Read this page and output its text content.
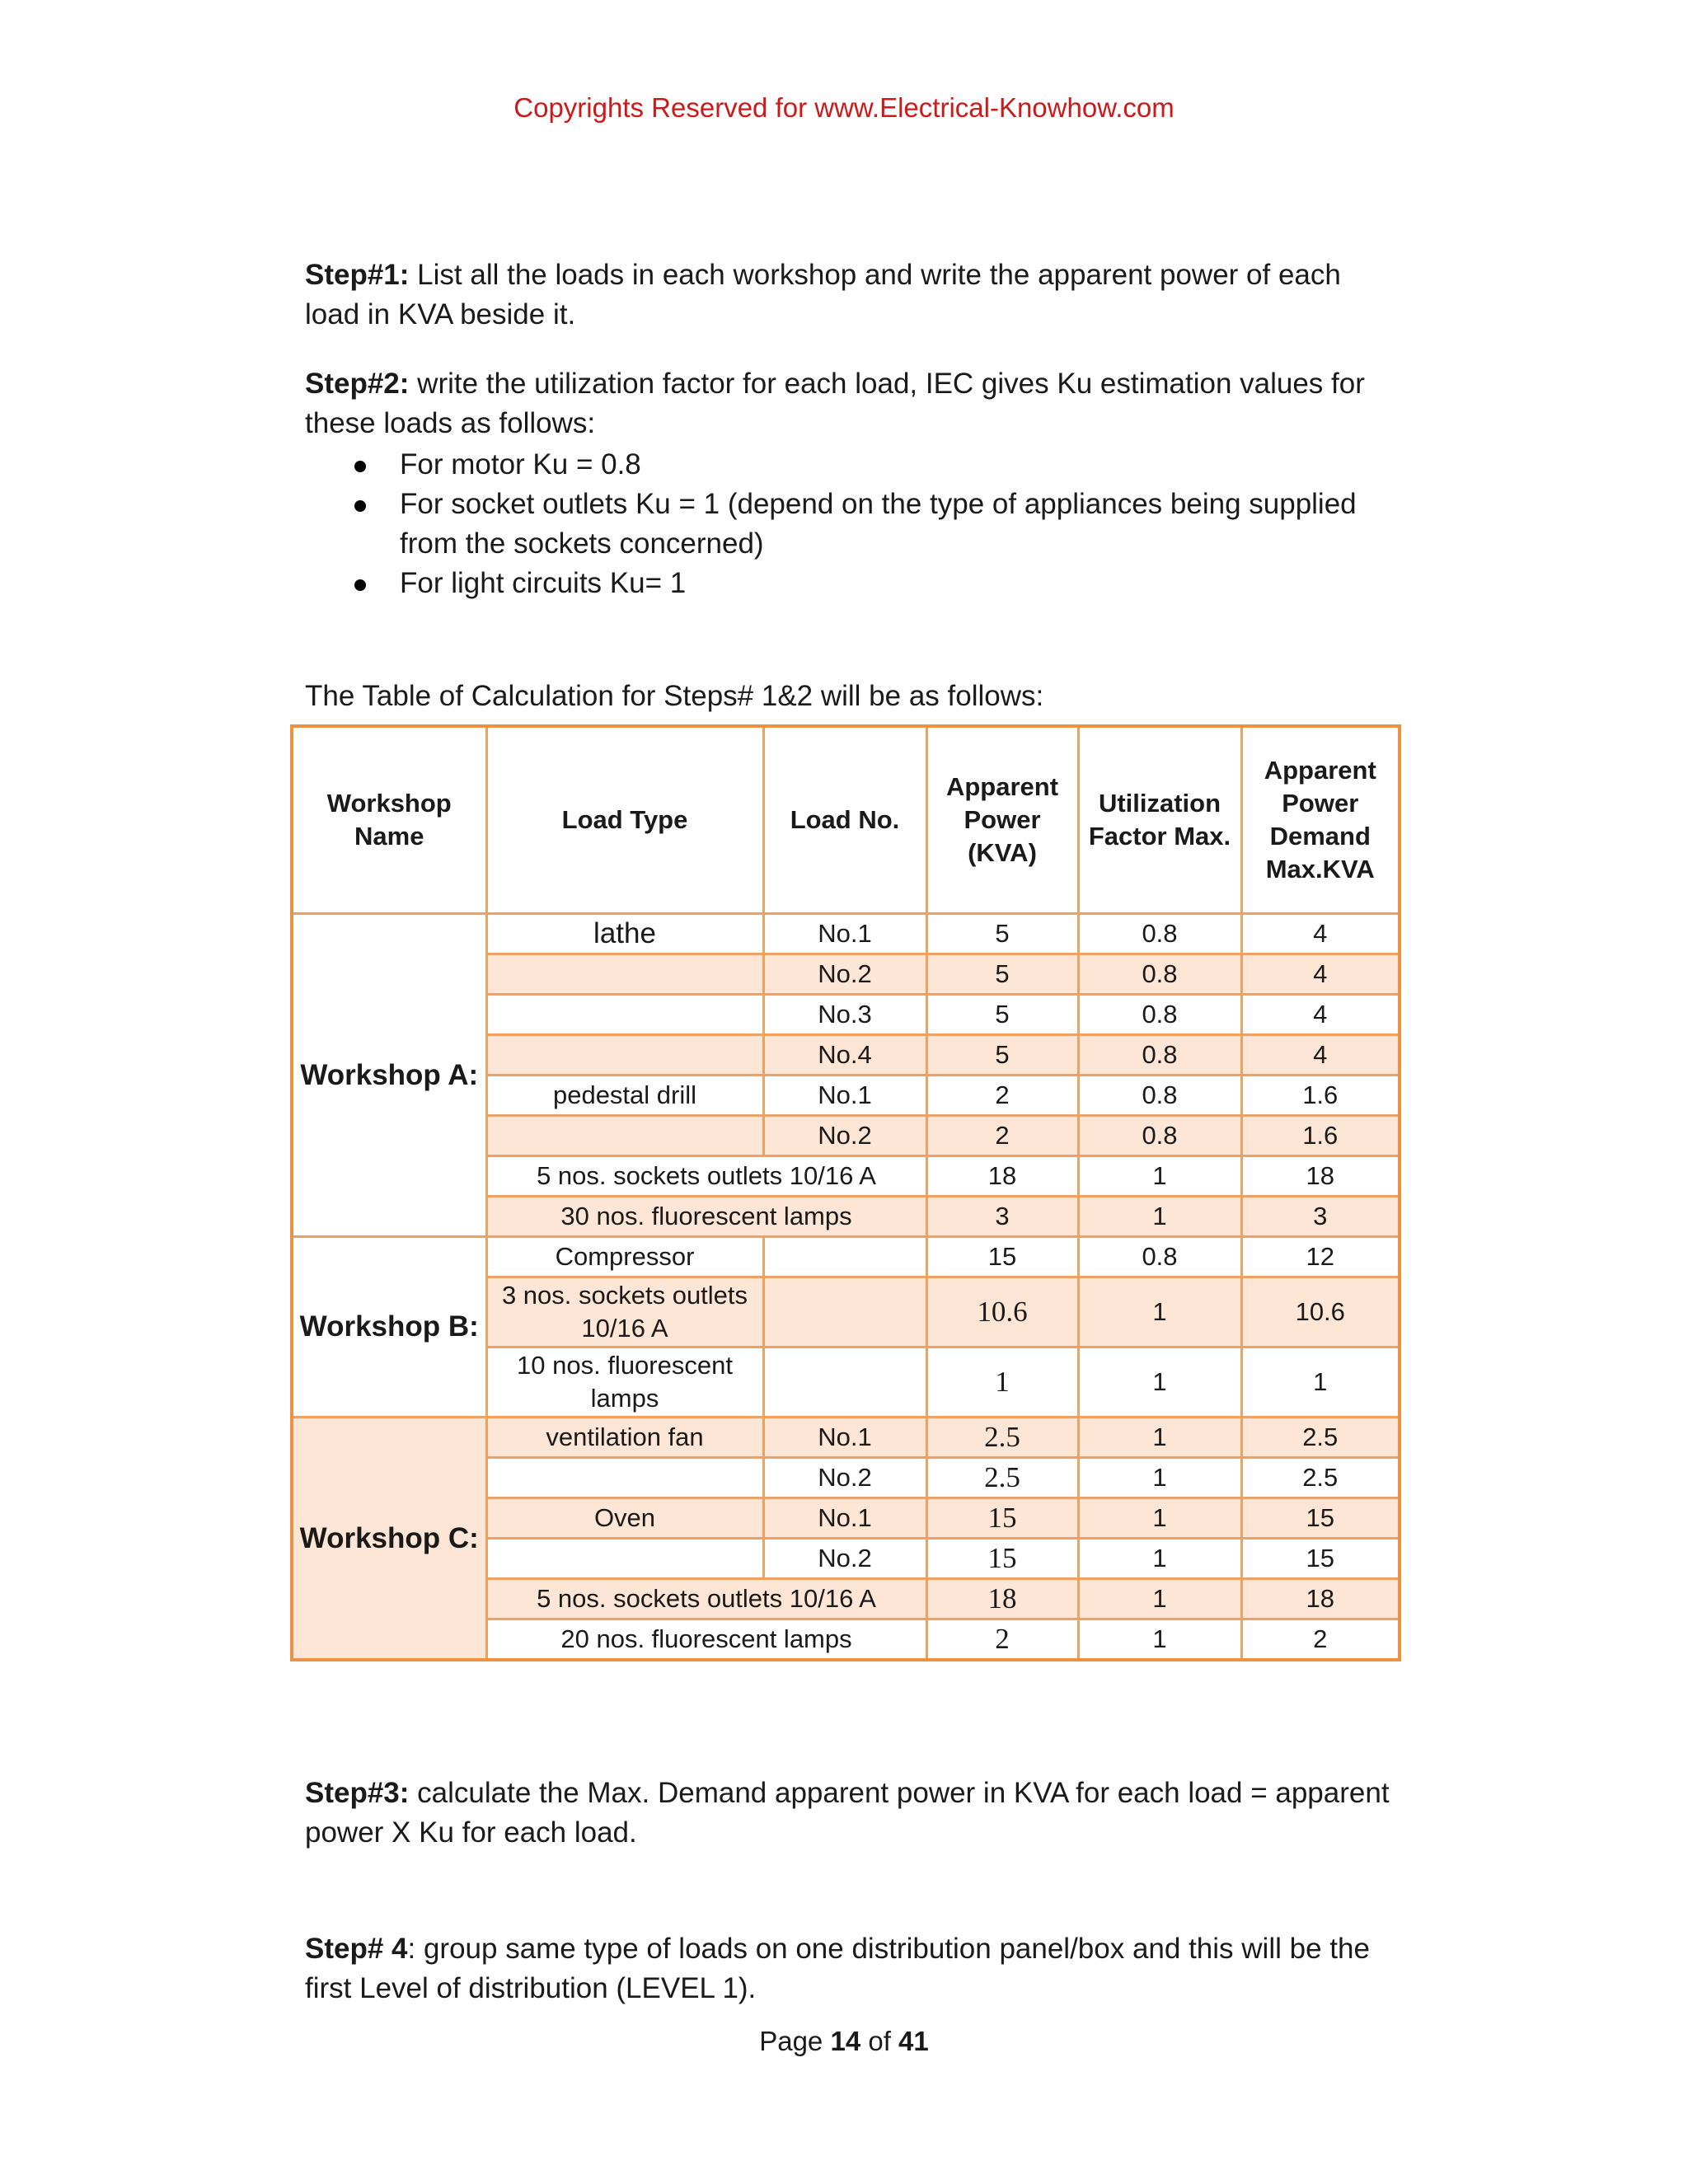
Copyrights Reserved for www.Electrical-Knowhow.com

Step#1: List all the loads in each workshop and write the apparent power of each load in KVA beside it.

Step#2: write the utilization factor for each load, IEC gives Ku estimation values for these loads as follows:

For motor Ku = 0.8
For socket outlets Ku = 1 (depend on the type of appliances being supplied from the sockets concerned)
For light circuits Ku= 1

The Table of Calculation for Steps# 1&2 will be as follows:

Workshop Name	Load Type	Load No.	Apparent Power (KVA)	Utilization Factor Max.	Apparent Power Demand Max.KVA
Workshop A:	lathe	No.1	5	0.8	4
		No.2	5	0.8	4
		No.3	5	0.8	4
		No.4	5	0.8	4
	pedestal drill	No.1	2	0.8	1.6
		No.2	2	0.8	1.6
	5 nos. sockets outlets 10/16 A		18	1	18
	30 nos. fluorescent lamps		3	1	3
Workshop B:	Compressor		15	0.8	12
	3 nos. sockets outlets 10/16 A		10.6	1	10.6
	10 nos. fluorescent lamps		1	1	1
Workshop C:	ventilation fan	No.1	2.5	1	2.5
		No.2	2.5	1	2.5
	Oven	No.1	15	1	15
		No.2	15	1	15
	5 nos. sockets outlets 10/16 A		18	1	18
	20 nos. fluorescent lamps		2	1	2

Step#3: calculate the Max. Demand apparent power in KVA for each load = apparent power X Ku for each load.

Step# 4: group same type of loads on one distribution panel/box and this will be the first Level of distribution (LEVEL 1).

Page 14 of 41
